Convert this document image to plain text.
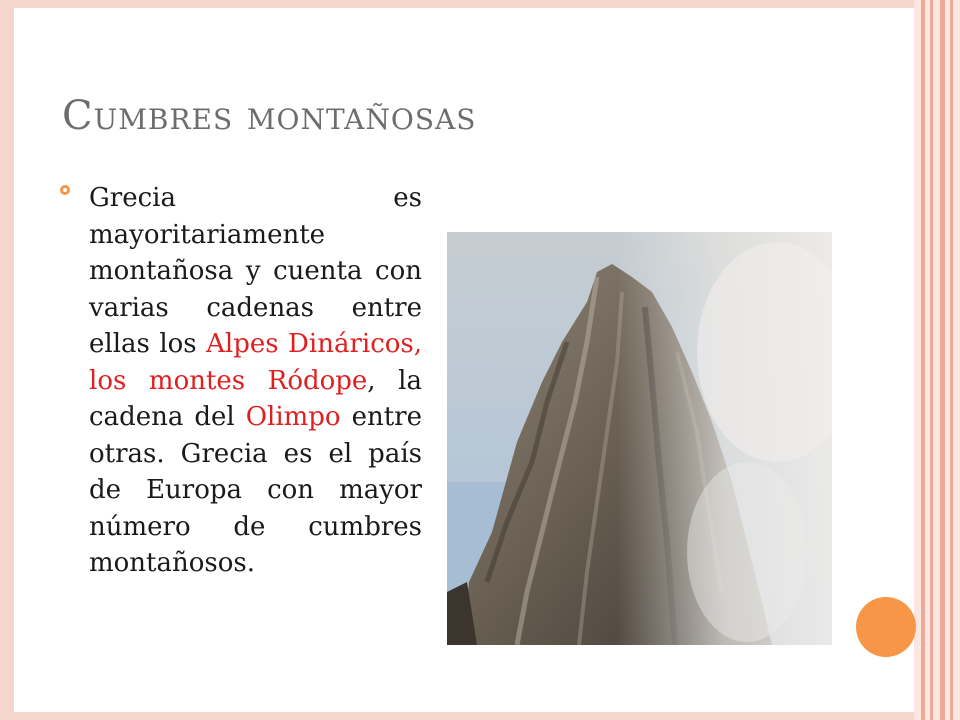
Cumbres montañosas

Grecia es mayoritariamente montañosa y cuenta con varias cadenas entre ellas los Alpes Dináricos, los montes Ródope, la cadena del Olimpo entre otras. Grecia es el país de Europa con mayor número de cumbres montañosos.
